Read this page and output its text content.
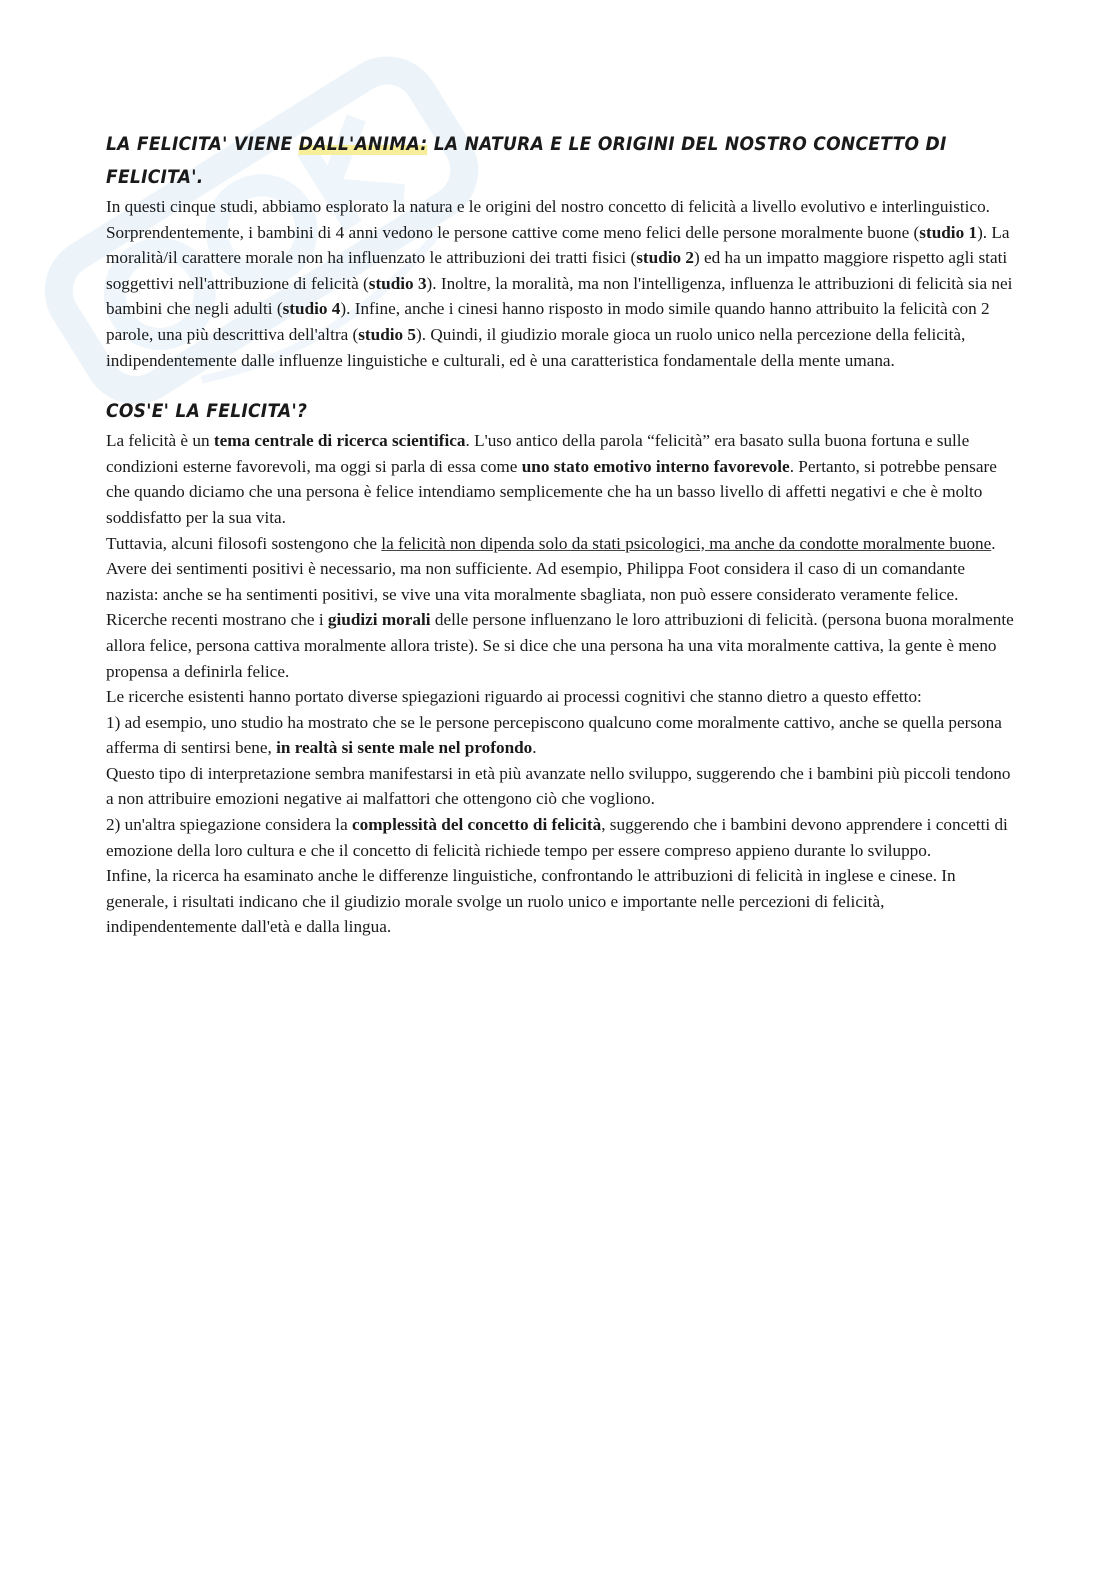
LA FELICITA' VIENE DALL'ANIMA: LA NATURA E LE ORIGINI DEL NOSTRO CONCETTO DI FELICITA'.

In questi cinque studi, abbiamo esplorato la natura e le origini del nostro concetto di felicità a livello evolutivo e interlinguistico. Sorprendentemente, i bambini di 4 anni vedono le persone cattive come meno felici delle persone moralmente buone (studio 1). La moralità/il carattere morale non ha influenzato le attribuzioni dei tratti fisici (studio 2) ed ha un impatto maggiore rispetto agli stati soggettivi nell'attribuzione di felicità (studio 3). Inoltre, la moralità, ma non l'intelligenza, influenza le attribuzioni di felicità sia nei bambini che negli adulti (studio 4). Infine, anche i cinesi hanno risposto in modo simile quando hanno attribuito la felicità con 2 parole, una più descrittiva dell'altra (studio 5). Quindi, il giudizio morale gioca un ruolo unico nella percezione della felicità, indipendentemente dalle influenze linguistiche e culturali, ed è una caratteristica fondamentale della mente umana.

COS'E' LA FELICITA'?

La felicità è un tema centrale di ricerca scientifica. L'uso antico della parola “felicità” era basato sulla buona fortuna e sulle condizioni esterne favorevoli, ma oggi si parla di essa come uno stato emotivo interno favorevole. Pertanto, si potrebbe pensare che quando diciamo che una persona è felice intendiamo semplicemente che ha un basso livello di affetti negativi e che è molto soddisfatto per la sua vita.

Tuttavia, alcuni filosofi sostengono che la felicità non dipenda solo da stati psicologici, ma anche da condotte moralmente buone. Avere dei sentimenti positivi è necessario, ma non sufficiente. Ad esempio, Philippa Foot considera il caso di un comandante nazista: anche se ha sentimenti positivi, se vive una vita moralmente sbagliata, non può essere considerato veramente felice.

Ricerche recenti mostrano che i giudizi morali delle persone influenzano le loro attribuzioni di felicità. (persona buona moralmente allora felice, persona cattiva moralmente allora triste). Se si dice che una persona ha una vita moralmente cattiva, la gente è meno propensa a definirla felice.

Le ricerche esistenti hanno portato diverse spiegazioni riguardo ai processi cognitivi che stanno dietro a questo effetto:

1) ad esempio, uno studio ha mostrato che se le persone percepiscono qualcuno come moralmente cattivo, anche se quella persona afferma di sentirsi bene, in realtà si sente male nel profondo.

Questo tipo di interpretazione sembra manifestarsi in età più avanzate nello sviluppo, suggerendo che i bambini più piccoli tendono a non attribuire emozioni negative ai malfattori che ottengono ciò che vogliono.

2) un'altra spiegazione considera la complessità del concetto di felicità, suggerendo che i bambini devono apprendere i concetti di emozione della loro cultura e che il concetto di felicità richiede tempo per essere compreso appieno durante lo sviluppo.

Infine, la ricerca ha esaminato anche le differenze linguistiche, confrontando le attribuzioni di felicità in inglese e cinese. In generale, i risultati indicano che il giudizio morale svolge un ruolo unico e importante nelle percezioni di felicità, indipendentemente dall'età e dalla lingua.
